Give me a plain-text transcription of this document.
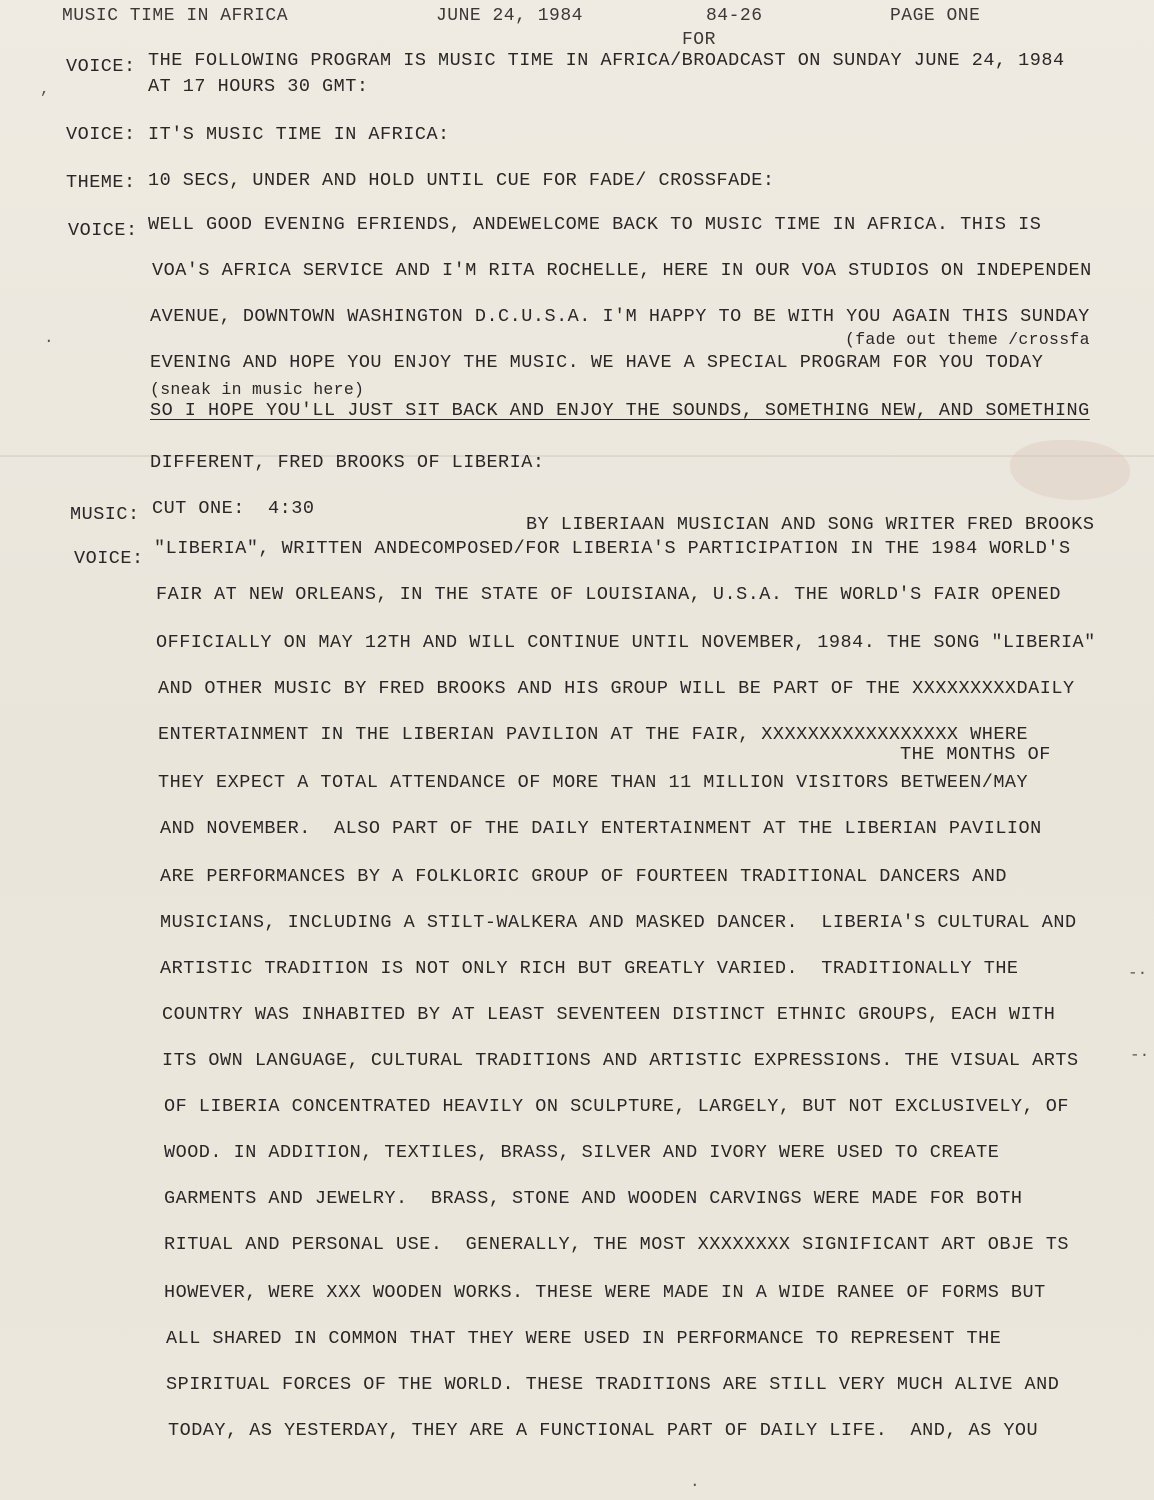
MUSIC TIME IN AFRICA	JUNE 24, 1984	84-26	PAGE ONE
FOR
VOICE: THE FOLLOWING PROGRAM IS MUSIC TIME IN AFRICA/BROADCAST ON SUNDAY JUNE 24, 1984
AT 17 HOURS 30 GMT:
VOICE: IT'S MUSIC TIME IN AFRICA:
THEME: 10 SECS, UNDER AND HOLD UNTIL CUE FOR FADE/ CROSSFADE:
VOICE: WELL GOOD EVENING EFRIENDS, ANDEWELCOME BACK TO MUSIC TIME IN AFRICA. THIS IS
VOA'S AFRICA SERVICE AND I'M RITA ROCHELLE, HERE IN OUR VOA STUDIOS ON INDEPENDEN
AVENUE, DOWNTOWN WASHINGTON D.C.U.S.A. I'M HAPPY TO BE WITH YOU AGAIN THIS SUNDAY
(fade out theme /crossfa
EVENING AND HOPE YOU ENJOY THE MUSIC. WE HAVE A SPECIAL PROGRAM FOR YOU TODAY
(sneak in music here)
SO I HOPE YOU'LL JUST SIT BACK AND ENJOY THE SOUNDS, SOMETHING NEW, AND SOMETHING
DIFFERENT, FRED BROOKS OF LIBERIA:
MUSIC: CUT ONE:  4:30
BY LIBERIAAN MUSICIAN AND SONG WRITER FRED BROOKS
VOICE: "LIBERIA", WRITTEN ANDECOMPOSED/FOR LIBERIA'S PARTICIPATION IN THE 1984 WORLD'S
FAIR AT NEW ORLEANS, IN THE STATE OF LOUISIANA, U.S.A. THE WORLD'S FAIR OPENED
OFFICIALLY ON MAY 12TH AND WILL CONTINUE UNTIL NOVEMBER, 1984. THE SONG "LIBERIA"
AND OTHER MUSIC BY FRED BROOKS AND HIS GROUP WILL BE PART OF THE XXXXXXXXXDAILY
ENTERTAINMENT IN THE LIBERIAN PAVILION AT THE FAIR, XXXXXXXXXXXXXXXXX WHERE
THE MONTHS OF
THEY EXPECT A TOTAL ATTENDANCE OF MORE THAN 11 MILLION VISITORS BETWEEN/MAY
AND NOVEMBER.  ALSO PART OF THE DAILY ENTERTAINMENT AT THE LIBERIAN PAVILION
ARE PERFORMANCES BY A FOLKLORIC GROUP OF FOURTEEN TRADITIONAL DANCERS AND
MUSICIANS, INCLUDING A STILT-WALKERA AND MASKED DANCER.  LIBERIA'S CULTURAL AND
ARTISTIC TRADITION IS NOT ONLY RICH BUT GREATLY VARIED.  TRADITIONALLY THE
COUNTRY WAS INHABITED BY AT LEAST SEVENTEEN DISTINCT ETHNIC GROUPS, EACH WITH
ITS OWN LANGUAGE, CULTURAL TRADITIONS AND ARTISTIC EXPRESSIONS. THE VISUAL ARTS
OF LIBERIA CONCENTRATED HEAVILY ON SCULPTURE, LARGELY, BUT NOT EXCLUSIVELY, OF
WOOD. IN ADDITION, TEXTILES, BRASS, SILVER AND IVORY WERE USED TO CREATE
GARMENTS AND JEWELRY.  BRASS, STONE AND WOODEN CARVINGS WERE MADE FOR BOTH
RITUAL AND PERSONAL USE.  GENERALLY, THE MOST XXXXXXXX SIGNIFICANT ART OBJE TS
HOWEVER, WERE XXX WOODEN WORKS. THESE WERE MADE IN A WIDE RANEE OF FORMS BUT
ALL SHARED IN COMMON THAT THEY WERE USED IN PERFORMANCE TO REPRESENT THE
SPIRITUAL FORCES OF THE WORLD. THESE TRADITIONS ARE STILL VERY MUCH ALIVE AND
TODAY, AS YESTERDAY, THEY ARE A FUNCTIONAL PART OF DAILY LIFE.  AND, AS YOU
,
·
-·
-·
·
